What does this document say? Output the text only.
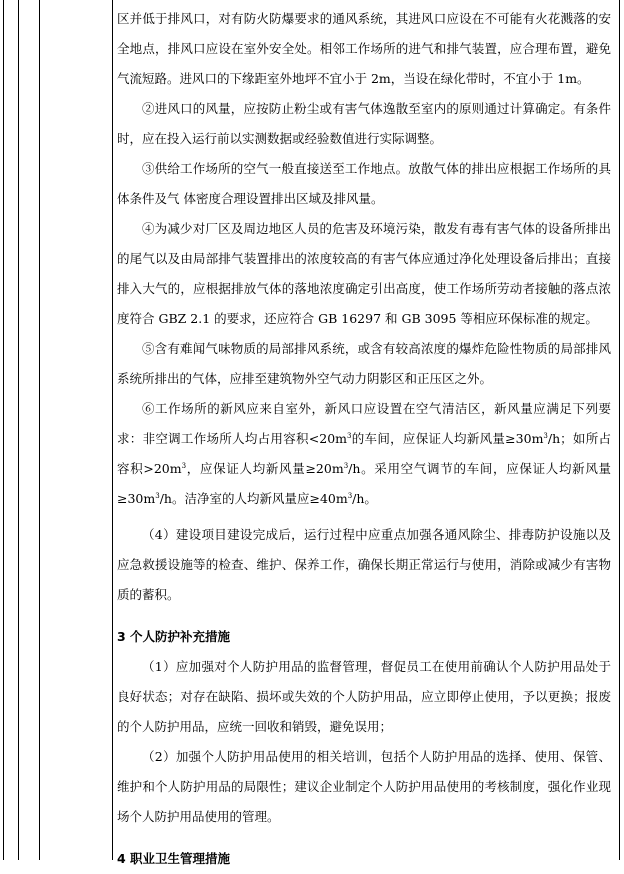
区并低于排风口，对有防火防爆要求的通风系统，其进风口应设在不可能有火花溅落的安全地点，排风口应设在室外安全处。相邻工作场所的进气和排气装置，应合理布置，避免气流短路。进风口的下缘距室外地坪不宜小于 2m，当设在绿化带时，不宜小于 1m。

②进风口的风量，应按防止粉尘或有害气体逸散至室内的原则通过计算确定。有条件时，应在投入运行前以实测数据或经验数值进行实际调整。

③供给工作场所的空气一般直接送至工作地点。放散气体的排出应根据工作场所的具体条件及气 体密度合理设置排出区域及排风量。

④为减少对厂区及周边地区人员的危害及环境污染，散发有毒有害气体的设备所排出的尾气以及由局部排气装置排出的浓度较高的有害气体应通过净化处理设备后排出；直接排入大气的，应根据排放气体的落地浓度确定引出高度，使工作场所劳动者接触的落点浓度符合 GBZ 2.1 的要求，还应符合 GB 16297 和 GB 3095 等相应环保标准的规定。

⑤含有难闻气味物质的局部排风系统，或含有较高浓度的爆炸危险性物质的局部排风系统所排出的气体，应排至建筑物外空气动力阴影区和正压区之外。

⑥工作场所的新风应来自室外，新风口应设置在空气清洁区，新风量应满足下列要求：非空调工作场所人均占用容积$<20m^3$的车间，应保证人均新风量$\ge 30m^3/h$；如所占容积$>20m^3$，应保证人均新风量$\ge 20m^3/h$。采用空气调节的车间，应保证人均新风量$\ge 30m^3/h$。洁净室的人均新风量应$\ge 40m^3/h$。

（4）建设项目建设完成后，运行过程中应重点加强各通风除尘、排毒防护设施以及应急救援设施等的检查、维护、保养工作，确保长期正常运行与使用，消除或减少有害物质的蓄积。

3 个人防护补充措施

（1）应加强对个人防护用品的监督管理，督促员工在使用前确认个人防护用品处于良好状态；对存在缺陷、损坏或失效的个人防护用品，应立即停止使用，予以更换；报废的个人防护用品，应统一回收和销毁，避免误用；

（2）加强个人防护用品使用的相关培训，包括个人防护用品的选择、使用、保管、维护和个人防护用品的局限性；建议企业制定个人防护用品使用的考核制度，强化作业现场个人防护用品使用的管理。

4 职业卫生管理措施
